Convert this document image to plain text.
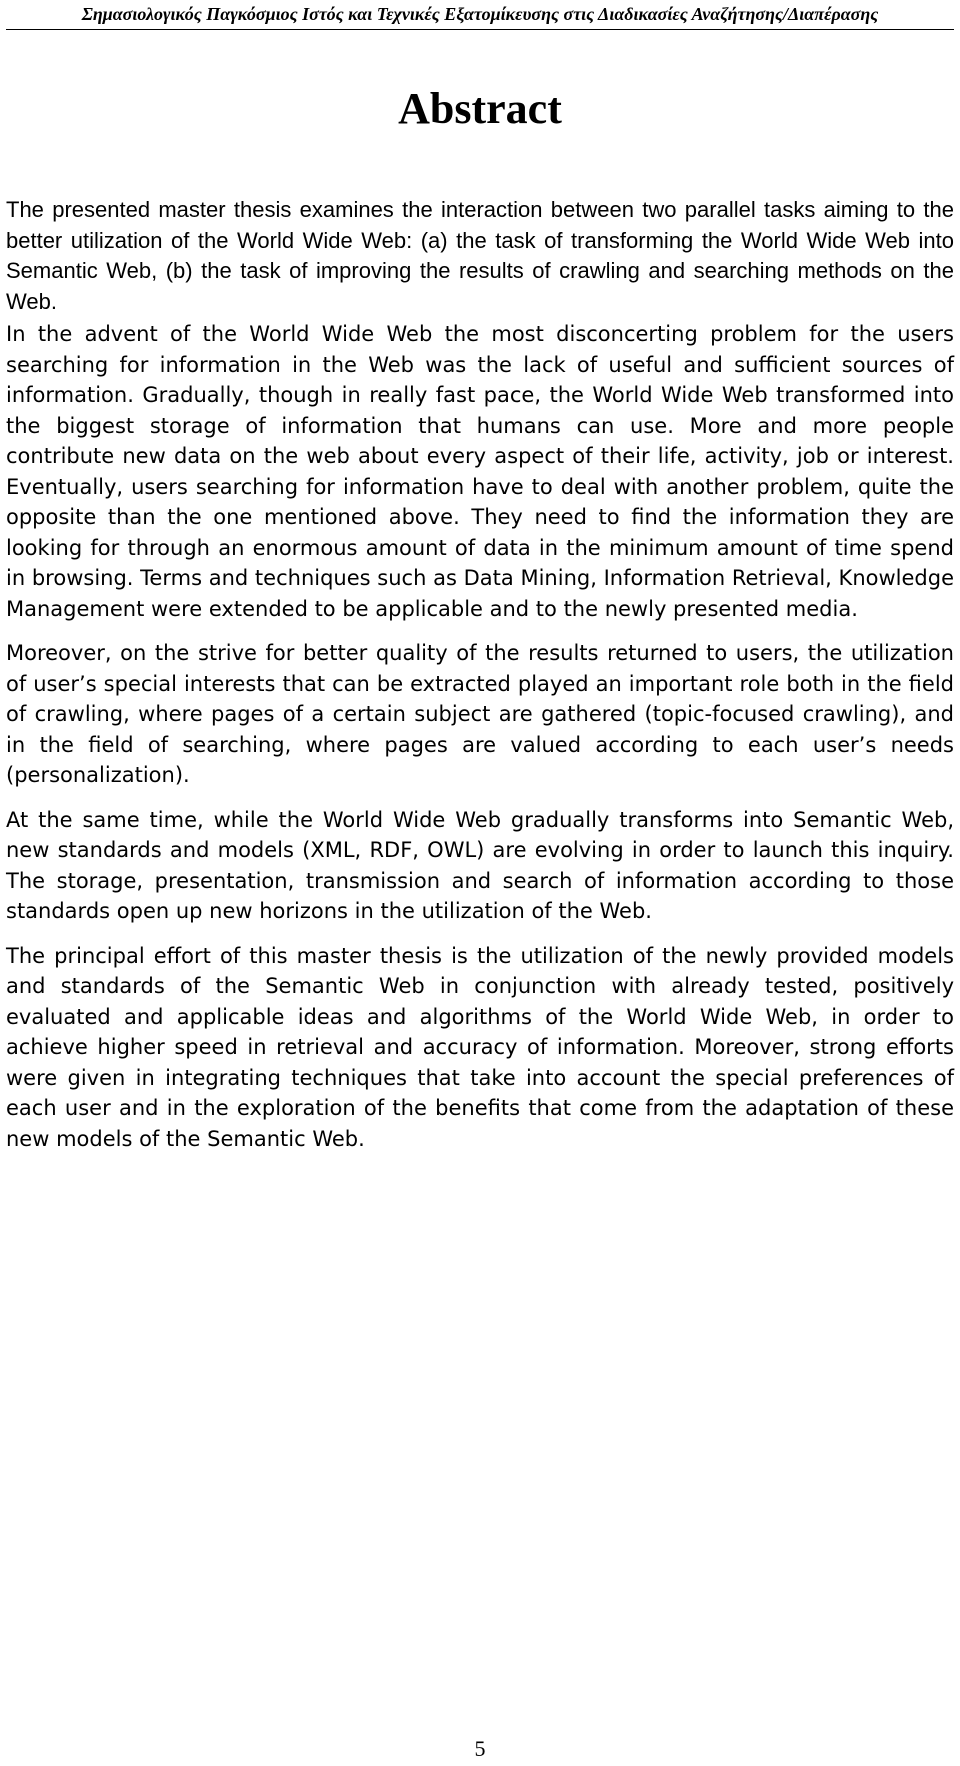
Σημασιολογικός Παγκόσμιος Ιστός και Τεχνικές Εξατομίκευσης στις Διαδικασίες Αναζήτησης/Διαπέρασης
Abstract

The presented master thesis examines the interaction between two parallel tasks aiming to the better utilization of the World Wide Web: (a) the task of transforming the World Wide Web into Semantic Web, (b) the task of improving the results of crawling and searching methods on the Web.

In the advent of the World Wide Web the most disconcerting problem for the users searching for information in the Web was the lack of useful and sufficient sources of information. Gradually, though in really fast pace, the World Wide Web transformed into the biggest storage of information that humans can use. More and more people contribute new data on the web about every aspect of their life, activity, job or interest. Eventually, users searching for information have to deal with another problem, quite the opposite than the one mentioned above. They need to find the information they are looking for through an enormous amount of data in the minimum amount of time spend in browsing. Terms and techniques such as Data Mining, Information Retrieval, Knowledge Management were extended to be applicable and to the newly presented media.

Moreover, on the strive for better quality of the results returned to users, the utilization of user’s special interests that can be extracted played an important role both in the field of crawling, where pages of a certain subject are gathered (topic-focused crawling), and in the field of searching, where pages are valued according to each user’s needs (personalization).

At the same time, while the World Wide Web gradually transforms into Semantic Web, new standards and models (XML, RDF, OWL) are evolving in order to launch this inquiry. The storage, presentation, transmission and search of information according to those standards open up new horizons in the utilization of the Web.

The principal effort of this master thesis is the utilization of the newly provided models and standards of the Semantic Web in conjunction with already tested, positively evaluated and applicable ideas and algorithms of the World Wide Web, in order to achieve higher speed in retrieval and accuracy of information. Moreover, strong efforts were given in integrating techniques that take into account the special preferences of each user and in the exploration of the benefits that come from the adaptation of these new models of the Semantic Web.

5
